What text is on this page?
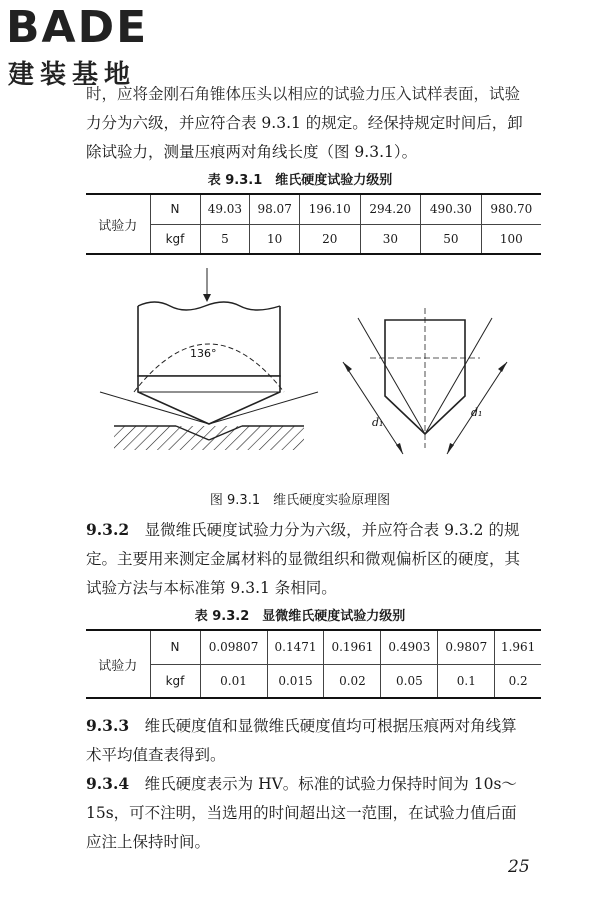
BADE
建装基地
时，应将金刚石角锥体压头以相应的试验力压入试样表面，试验
力分为六级，并应符合表 9.3.1 的规定。经保持规定时间后，卸
除试验力，测量压痕两对角线长度（图 9.3.1）。
表 9.3.1　维氏硬度试验力级别
试验力	N	49.03	98.07	196.10	294.20	490.30	980.70
	kgf	5	10	20	30	50	100
136°
d₁
d₁
图 9.3.1　维氏硬度实验原理图
9.3.2　 显微维氏硬度试验力分为六级，并应符合表 9.3.2 的规
定。主要用来测定金属材料的显微组织和微观偏析区的硬度，其
试验方法与本标准第 9.3.1 条相同。
表 9.3.2　显微维氏硬度试验力级别
试验力	N	0.09807	0.1471	0.1961	0.4903	0.9807	1.961
	kgf	0.01	0.015	0.02	0.05	0.1	0.2
9.3.3　 维氏硬度值和显微维氏硬度值均可根据压痕两对角线算
术平均值查表得到。
9.3.4　 维氏硬度表示为 HV。标准的试验力保持时间为 10s～
15s，可不注明，当选用的时间超出这一范围，在试验力值后面
应注上保持时间。
25
